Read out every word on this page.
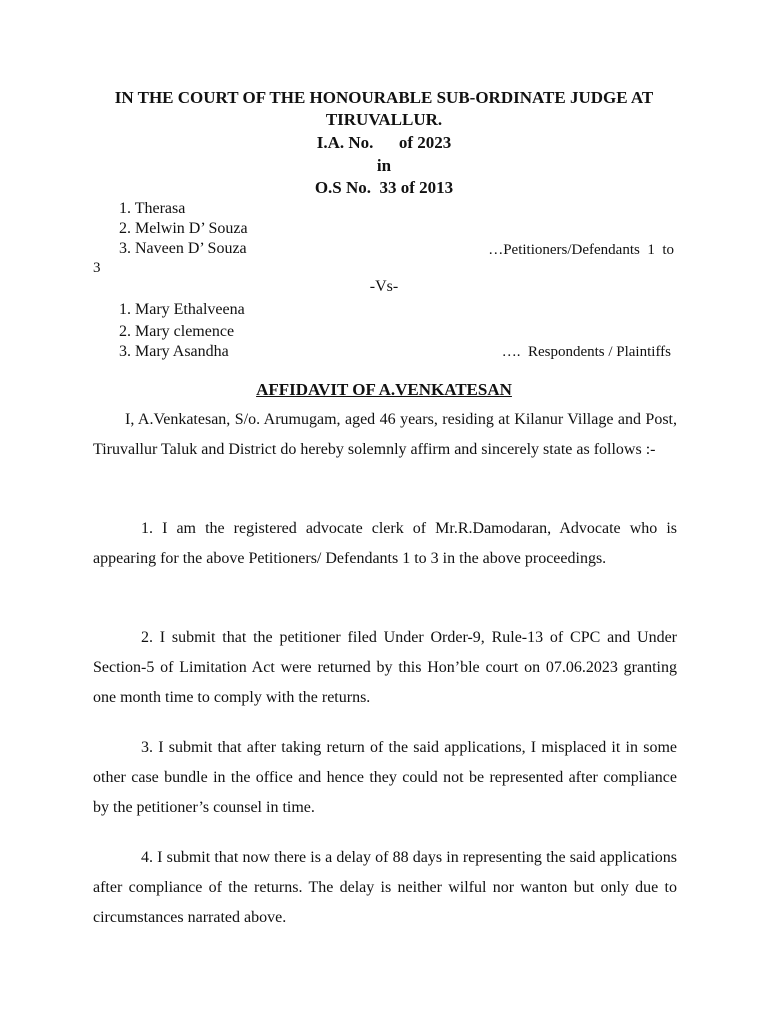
IN THE COURT OF THE HONOURABLE SUB-ORDINATE JUDGE AT
TIRUVALLUR.
I.A. No.      of 2023
in
O.S No.  33 of 2013
1. Therasa
2. Melwin D’ Souza
3. Naveen D’ Souza	…Petitioners/Defendants  1  to
3
-Vs-
1. Mary Ethalveena
2. Mary clemence
3. Mary Asandha	….  Respondents / Plaintiffs
AFFIDAVIT OF A.VENKATESAN

I, A.Venkatesan, S/o. Arumugam, aged 46 years, residing at Kilanur Village and Post, Tiruvallur Taluk and District do hereby solemnly affirm and sincerely state as follows :-

1. I am the registered advocate clerk of Mr.R.Damodaran, Advocate who is appearing for the above Petitioners/ Defendants 1 to 3 in the above proceedings.

2. I submit that the petitioner filed Under Order-9, Rule-13 of CPC and Under Section-5 of Limitation Act were returned by this Hon’ble court on 07.06.2023 granting one month time to comply with the returns.

3. I submit that after taking return of the said applications, I misplaced it in some other case bundle in the office and hence they could not be represented after compliance by the petitioner’s counsel in time.

4. I submit that now there is a delay of 88 days in representing the said applications after compliance of the returns. The delay is neither wilful nor wanton but only due to circumstances narrated above.
